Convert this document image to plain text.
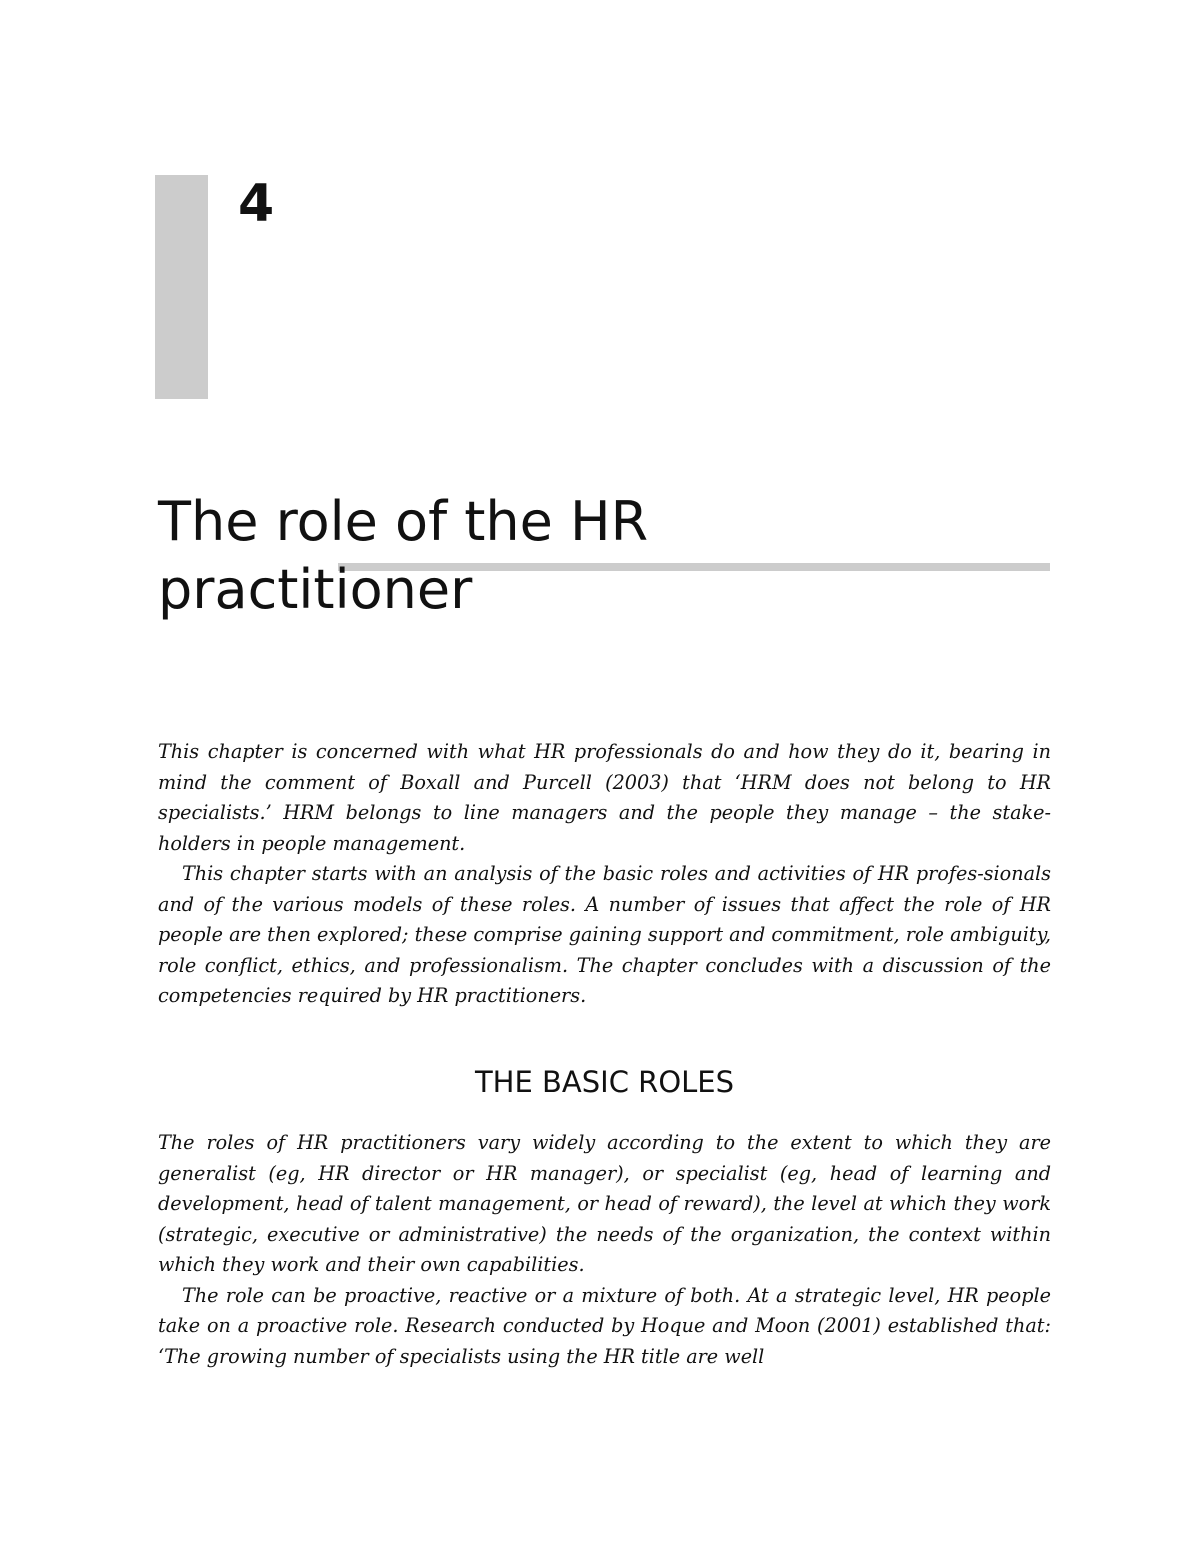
4
The role of the HR
practitioner

This chapter is concerned with what HR professionals do and how they do it, bearing in mind the comment of Boxall and Purcell (2003) that ‘HRM does not belong to HR specialists.’ HRM belongs to line managers and the people they manage – the stake-holders in people management.

This chapter starts with an analysis of the basic roles and activities of HR profes-sionals and of the various models of these roles. A number of issues that affect the role of HR people are then explored; these comprise gaining support and commitment, role ambiguity, role conflict, ethics, and professionalism. The chapter concludes with a discussion of the competencies required by HR practitioners.

THE BASIC ROLES

The roles of HR practitioners vary widely according to the extent to which they are generalist (eg, HR director or HR manager), or specialist (eg, head of learning and development, head of talent management, or head of reward), the level at which they work (strategic, executive or administrative) the needs of the organization, the context within which they work and their own capabilities.

The role can be proactive, reactive or a mixture of both. At a strategic level, HR people take on a proactive role. Research conducted by Hoque and Moon (2001) established that: ‘The growing number of specialists using the HR title are well
